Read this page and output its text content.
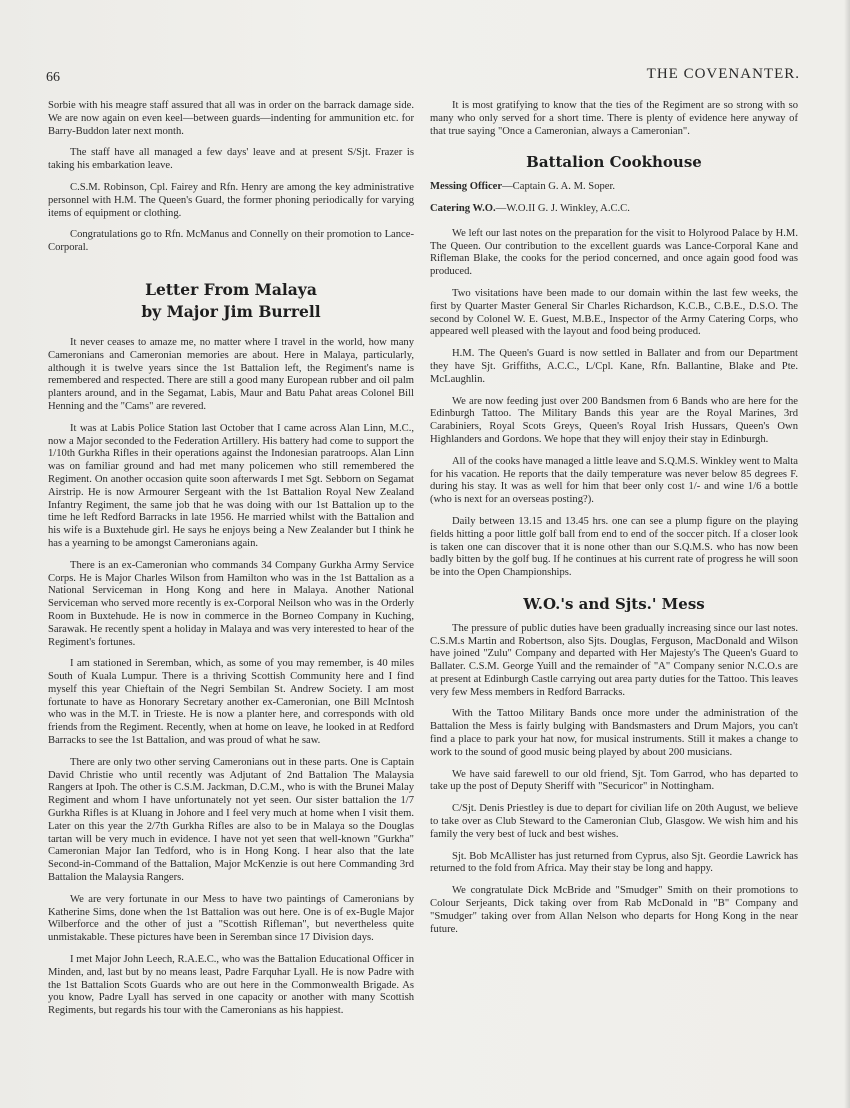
66	THE COVENANTER.

Sorbie with his meagre staff assured that all was in order on the barrack damage side. We are now again on even keel—between guards—indenting for ammunition etc. for Barry-Buddon later next month.

The staff have all managed a few days' leave and at present S/Sjt. Frazer is taking his embarkation leave.

C.S.M. Robinson, Cpl. Fairey and Rfn. Henry are among the key administrative personnel with H.M. The Queen's Guard, the former phoning periodically for varying items of equipment or clothing.

Congratulations go to Rfn. McManus and Connelly on their promotion to Lance-Corporal.

Letter From Malaya
by Major Jim Burrell

It never ceases to amaze me, no matter where I travel in the world, how many Cameronians and Cameronian memories are about. Here in Malaya, particularly, although it is twelve years since the 1st Battalion left, the Regiment's name is remembered and respected. There are still a good many European rubber and oil palm planters around, and in the Segamat, Labis, Maur and Batu Pahat areas Colonel Bill Henning and the "Cams" are revered.

It was at Labis Police Station last October that I came across Alan Linn, M.C., now a Major seconded to the Federation Artillery. His battery had come to support the 1/10th Gurkha Rifles in their operations against the Indonesian paratroops. Alan Linn was on familiar ground and had met many policemen who still remembered the Regiment. On another occasion quite soon afterwards I met Sgt. Sebborn on Segamat Airstrip. He is now Armourer Sergeant with the 1st Battalion Royal New Zealand Infantry Regiment, the same job that he was doing with our 1st Battalion up to the time he left Redford Barracks in late 1956. He married whilst with the Battalion and his wife is a Buxtehude girl. He says he enjoys being a New Zealander but I think he has a yearning to be amongst Cameronians again.

There is an ex-Cameronian who commands 34 Company Gurkha Army Service Corps. He is Major Charles Wilson from Hamilton who was in the 1st Battalion as a National Serviceman in Hong Kong and here in Malaya. Another National Serviceman who served more recently is ex-Corporal Neilson who was in the Orderly Room in Buxtehude. He is now in commerce in the Borneo Company in Kuching, Sarawak. He recently spent a holiday in Malaya and was very interested to hear of the Regiment's fortunes.

I am stationed in Seremban, which, as some of you may remember, is 40 miles South of Kuala Lumpur. There is a thriving Scottish Community here and I find myself this year Chieftain of the Negri Sembilan St. Andrew Society. I am most fortunate to have as Honorary Secretary another ex-Cameronian, one Bill McIntosh who was in the M.T. in Trieste. He is now a planter here, and corresponds with old friends from the Regiment. Recently, when at home on leave, he looked in at Redford Barracks to see the 1st Battalion, and was proud of what he saw.

There are only two other serving Cameronians out in these parts. One is Captain David Christie who until recently was Adjutant of 2nd Battalion The Malaysia Rangers at Ipoh. The other is C.S.M. Jackman, D.C.M., who is with the Brunei Malay Regiment and whom I have unfortunately not yet seen. Our sister battalion the 1/7 Gurkha Rifles is at Kluang in Johore and I feel very much at home when I visit them. Later on this year the 2/7th Gurkha Rifles are also to be in Malaya so the Douglas tartan will be very much in evidence. I have not yet seen that well-known "Gurkha" Cameronian Major Ian Tedford, who is in Hong Kong. I hear also that the late Second-in-Command of the Battalion, Major McKenzie is out here Commanding 3rd Battalion the Malaysia Rangers.

We are very fortunate in our Mess to have two paintings of Cameronians by Katherine Sims, done when the 1st Battalion was out here. One is of ex-Bugle Major Wilberforce and the other of just a "Scottish Rifleman", but nevertheless quite unmistakable. These pictures have been in Seremban since 17 Division days.

I met Major John Leech, R.A.E.C., who was the Battalion Educational Officer in Minden, and, last but by no means least, Padre Farquhar Lyall. He is now Padre with the 1st Battalion Scots Guards who are out here in the Commonwealth Brigade. As you know, Padre Lyall has served in one capacity or another with many Scottish Regiments, but regards his tour with the Cameronians as his happiest.

It is most gratifying to know that the ties of the Regiment are so strong with so many who only served for a short time. There is plenty of evidence here anyway of that true saying "Once a Cameronian, always a Cameronian".

Battalion Cookhouse

Messing Officer—Captain G. A. M. Soper.

Catering W.O.—W.O.II G. J. Winkley, A.C.C.

We left our last notes on the preparation for the visit to Holyrood Palace by H.M. The Queen. Our contribution to the excellent guards was Lance-Corporal Kane and Rifleman Blake, the cooks for the period concerned, and once again good food was produced.

Two visitations have been made to our domain within the last few weeks, the first by Quarter Master General Sir Charles Richardson, K.C.B., C.B.E., D.S.O. The second by Colonel W. E. Guest, M.B.E., Inspector of the Army Catering Corps, who appeared well pleased with the layout and food being produced.

H.M. The Queen's Guard is now settled in Ballater and from our Department they have Sjt. Griffiths, A.C.C., L/Cpl. Kane, Rfn. Ballantine, Blake and Pte. McLaughlin.

We are now feeding just over 200 Bandsmen from 6 Bands who are here for the Edinburgh Tattoo. The Military Bands this year are the Royal Marines, 3rd Carabiniers, Royal Scots Greys, Queen's Royal Irish Hussars, Queen's Own Highlanders and Gordons. We hope that they will enjoy their stay in Edinburgh.

All of the cooks have managed a little leave and S.Q.M.S. Winkley went to Malta for his vacation. He reports that the daily temperature was never below 85 degrees F. during his stay. It was as well for him that beer only cost 1/- and wine 1/6 a bottle (who is next for an overseas posting?).

Daily between 13.15 and 13.45 hrs. one can see a plump figure on the playing fields hitting a poor little golf ball from end to end of the soccer pitch. If a closer look is taken one can discover that it is none other than our S.Q.M.S. who has now been badly bitten by the golf bug. If he continues at his current rate of progress he will soon be into the Open Championships.

W.O.'s and Sjts.' Mess

The pressure of public duties have been gradually increasing since our last notes. C.S.M.s Martin and Robertson, also Sjts. Douglas, Ferguson, MacDonald and Wilson have joined "Zulu" Company and departed with Her Majesty's The Queen's Guard to Ballater. C.S.M. George Yuill and the remainder of "A" Company senior N.C.O.s are at present at Edinburgh Castle carrying out area party duties for the Tattoo. This leaves very few Mess members in Redford Barracks.

With the Tattoo Military Bands once more under the administration of the Battalion the Mess is fairly bulging with Bandsmasters and Drum Majors, you can't find a place to park your hat now, for musical instruments. Still it makes a change to work to the sound of good music being played by about 200 musicians.

We have said farewell to our old friend, Sjt. Tom Garrod, who has departed to take up the post of Deputy Sheriff with "Securicor" in Nottingham.

C/Sjt. Denis Priestley is due to depart for civilian life on 20th August, we believe to take over as Club Steward to the Cameronian Club, Glasgow. We wish him and his family the very best of luck and best wishes.

Sjt. Bob McAllister has just returned from Cyprus, also Sjt. Geordie Lawrick has returned to the fold from Africa. May their stay be long and happy.

We congratulate Dick McBride and "Smudger" Smith on their promotions to Colour Serjeants, Dick taking over from Rab McDonald in "B" Company and "Smudger" taking over from Allan Nelson who departs for Hong Kong in the near future.
